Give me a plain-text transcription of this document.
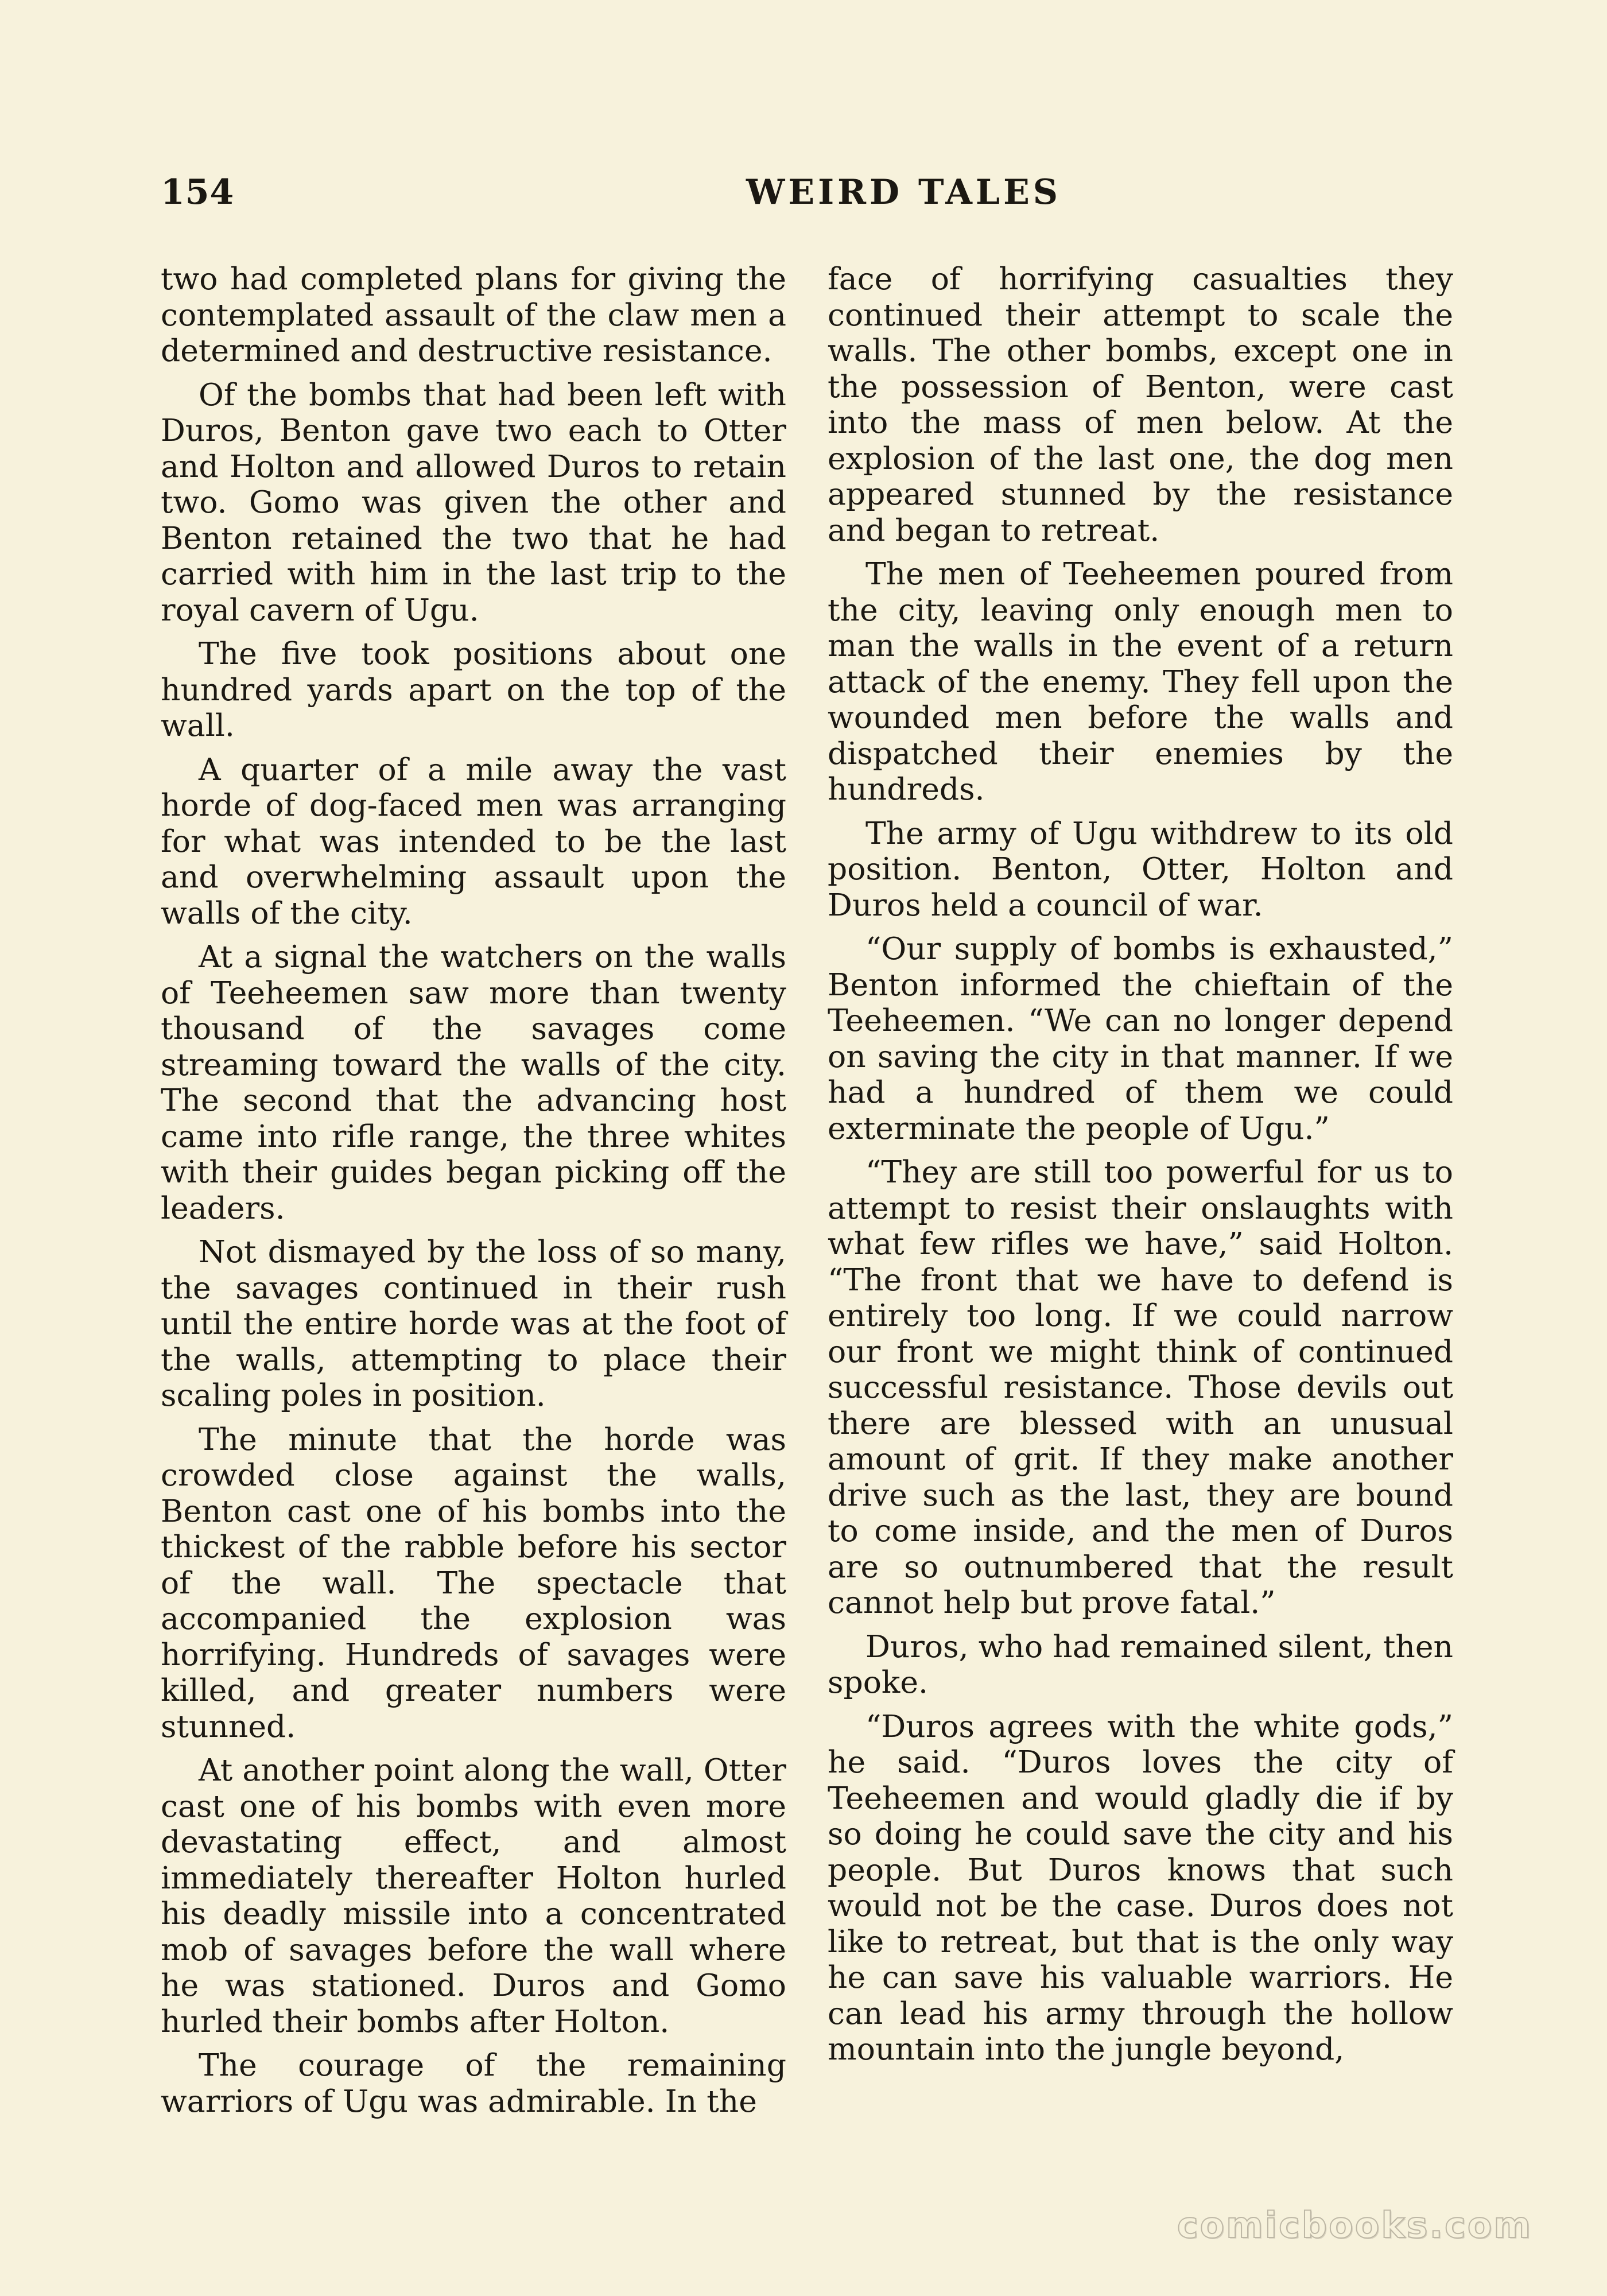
154	WEIRD TALES

two had completed plans for giving the contemplated assault of the claw men a determined and destructive resistance.

Of the bombs that had been left with Duros, Benton gave two each to Otter and Holton and allowed Duros to retain two. Gomo was given the other and Benton retained the two that he had carried with him in the last trip to the royal cavern of Ugu.

The five took positions about one hundred yards apart on the top of the wall.

A quarter of a mile away the vast horde of dog-faced men was arranging for what was intended to be the last and overwhelming assault upon the walls of the city.

At a signal the watchers on the walls of Teeheemen saw more than twenty thousand of the savages come streaming toward the walls of the city. The second that the advancing host came into rifle range, the three whites with their guides began picking off the leaders.

Not dismayed by the loss of so many, the savages continued in their rush until the entire horde was at the foot of the walls, attempting to place their scaling poles in position.

The minute that the horde was crowded close against the walls, Benton cast one of his bombs into the thickest of the rabble before his sector of the wall. The spectacle that accompanied the explosion was horrifying. Hundreds of savages were killed, and greater numbers were stunned.

At another point along the wall, Otter cast one of his bombs with even more devastating effect, and almost immediately thereafter Holton hurled his deadly missile into a concentrated mob of savages before the wall where he was stationed. Duros and Gomo hurled their bombs after Holton.

The courage of the remaining warriors of Ugu was admirable. In the

face of horrifying casualties they continued their attempt to scale the walls. The other bombs, except one in the possession of Benton, were cast into the mass of men below. At the explosion of the last one, the dog men appeared stunned by the resistance and began to retreat.

The men of Teeheemen poured from the city, leaving only enough men to man the walls in the event of a return attack of the enemy. They fell upon the wounded men before the walls and dispatched their enemies by the hundreds.

The army of Ugu withdrew to its old position. Benton, Otter, Holton and Duros held a council of war.

“Our supply of bombs is exhausted,” Benton informed the chieftain of the Teeheemen. “We can no longer depend on saving the city in that manner. If we had a hundred of them we could exterminate the people of Ugu.”

“They are still too powerful for us to attempt to resist their onslaughts with what few rifles we have,” said Holton. “The front that we have to defend is entirely too long. If we could narrow our front we might think of continued successful resistance. Those devils out there are blessed with an unusual amount of grit. If they make another drive such as the last, they are bound to come inside, and the men of Duros are so outnumbered that the result cannot help but prove fatal.”

Duros, who had remained silent, then spoke.

“Duros agrees with the white gods,” he said. “Duros loves the city of Teeheemen and would gladly die if by so doing he could save the city and his people. But Duros knows that such would not be the case. Duros does not like to retreat, but that is the only way he can save his valuable warriors. He can lead his army through the hollow mountain into the jungle beyond,

comicbooks.com
